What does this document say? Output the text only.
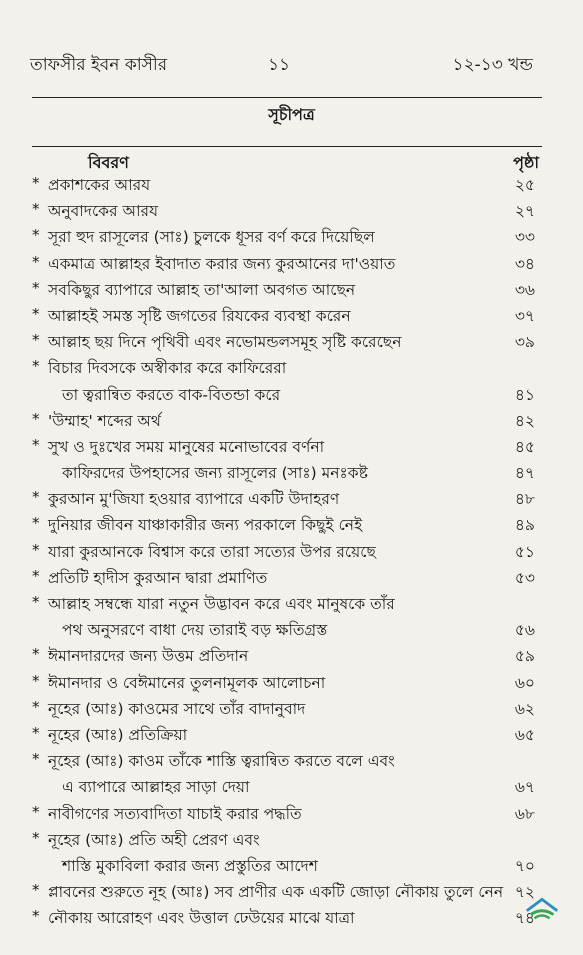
তাফসীর ইবন কাসীর	১১	১২-১৩ খন্ড
সূচীপত্র
বিবরণ	পৃষ্ঠা
* প্রকাশকের আরয	২৫
* অনুবাদকের আরয	২৭
* সূরা হুদ রাসূলের (সাঃ) চুলকে ধূসর বর্ণ করে দিয়েছিল	৩৩
* একমাত্র আল্লাহর ইবাদাত করার জন্য কুরআনের দা'ওয়াত	৩৪
* সবকিছুর ব্যাপারে আল্লাহ তা'আলা অবগত আছেন	৩৬
* আল্লাহই সমস্ত সৃষ্টি জগতের রিযকের ব্যবস্থা করেন	৩৭
* আল্লাহ ছয় দিনে পৃথিবী এবং নভোমন্ডলসমূহ সৃষ্টি করেছেন	৩৯
* বিচার দিবসকে অস্বীকার করে কাফিরেরা
তা ত্বরান্বিত করতে বাক-বিতন্ডা করে	৪১
* 'উম্মাহ' শব্দের অর্থ	৪২
* সুখ ও দুঃখের সময় মানুষের মনোভাবের বর্ণনা	৪৫
কাফিরদের উপহাসের জন্য রাসূলের (সাঃ) মনঃকষ্ট	৪৭
* কুরআন মু'জিযা হওয়ার ব্যাপারে একটি উদাহরণ	৪৮
* দুনিয়ার জীবন যাঞ্চাকারীর জন্য পরকালে কিছুই নেই	৪৯
* যারা কুরআনকে বিশ্বাস করে তারা সত্যের উপর রয়েছে	৫১
* প্রতিটি হাদীস কুরআন দ্বারা প্রমাণিত	৫৩
* আল্লাহ সম্বন্ধে যারা নতুন উদ্ভাবন করে এবং মানুষকে তাঁর
পথ অনুসরণে বাধা দেয় তারাই বড় ক্ষতিগ্রস্ত	৫৬
* ঈমানদারদের জন্য উত্তম প্রতিদান	৫৯
* ঈমানদার ও বেঈমানের তুলনামূলক আলোচনা	৬০
* নূহের (আঃ) কাওমের সাথে তাঁর বাদানুবাদ	৬২
* নূহের (আঃ) প্রতিক্রিয়া	৬৫
* নূহের (আঃ) কাওম তাঁকে শাস্তি ত্বরান্বিত করতে বলে এবং
এ ব্যাপারে আল্লাহর সাড়া দেয়া	৬৭
* নাবীগণের সত্যবাদিতা যাচাই করার পদ্ধতি	৬৮
* নূহের (আঃ) প্রতি অহী প্রেরণ এবং
শাস্তি মুকাবিলা করার জন্য প্রস্তুতির আদেশ	৭০
* প্লাবনের শুরুতে নূহ (আঃ) সব প্রাণীর এক একটি জোড়া নৌকায় তুলে নেন ৭২
* নৌকায় আরোহণ এবং উত্তাল ঢেউয়ের মাঝে যাত্রা	৭৪
